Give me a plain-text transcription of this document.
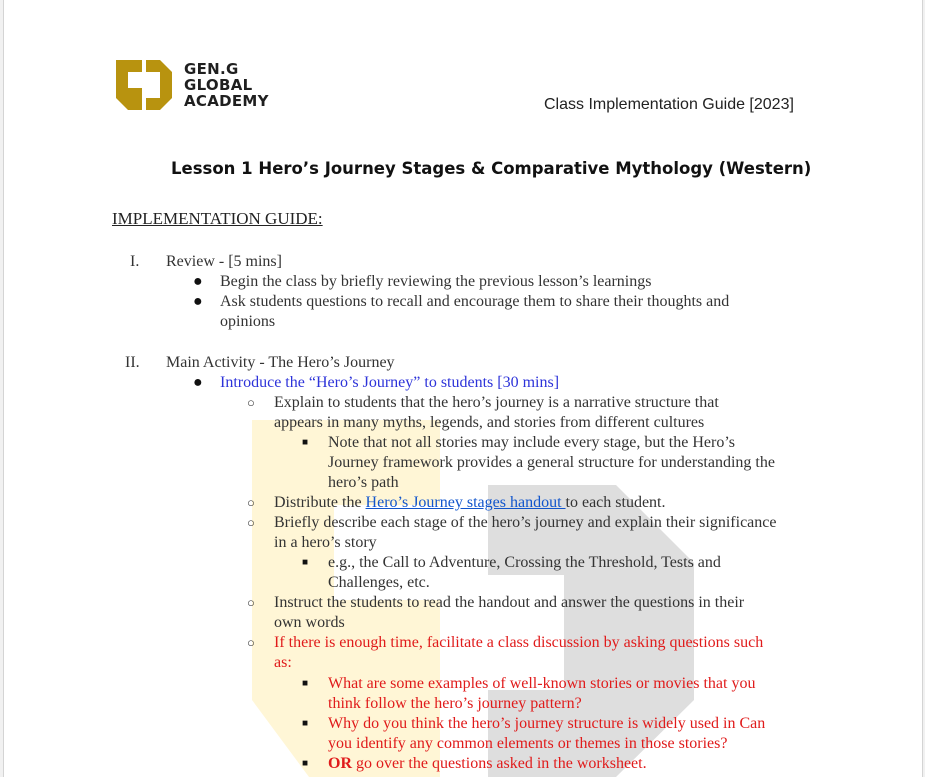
GEN.G
GLOBAL
ACADEMY	Class Implementation Guide [2023]
Lesson 1 Hero’s Journey Stages & Comparative Mythology (Western)
IMPLEMENTATION GUIDE:
I. Review - [5 mins]
● Begin the class by briefly reviewing the previous lesson’s learnings
● Ask students questions to recall and encourage them to share their thoughts and
opinions
II. Main Activity - The Hero’s Journey
● Introduce the “Hero’s Journey” to students [30 mins]
○ Explain to students that the hero’s journey is a narrative structure that
appears in many myths, legends, and stories from different cultures
■ Note that not all stories may include every stage, but the Hero’s
Journey framework provides a general structure for understanding the
hero’s path
○ Distribute the Hero’s Journey stages handout to each student.
○ Briefly describe each stage of the hero’s journey and explain their significance
in a hero’s story
■ e.g., the Call to Adventure, Crossing the Threshold, Tests and
Challenges, etc.
○ Instruct the students to read the handout and answer the questions in their
own words
○ If there is enough time, facilitate a class discussion by asking questions such
as:
■ What are some examples of well-known stories or movies that you
think follow the hero’s journey pattern?
■ Why do you think the hero’s journey structure is widely used in Can
you identify any common elements or themes in those stories?
■ OR go over the questions asked in the worksheet.
